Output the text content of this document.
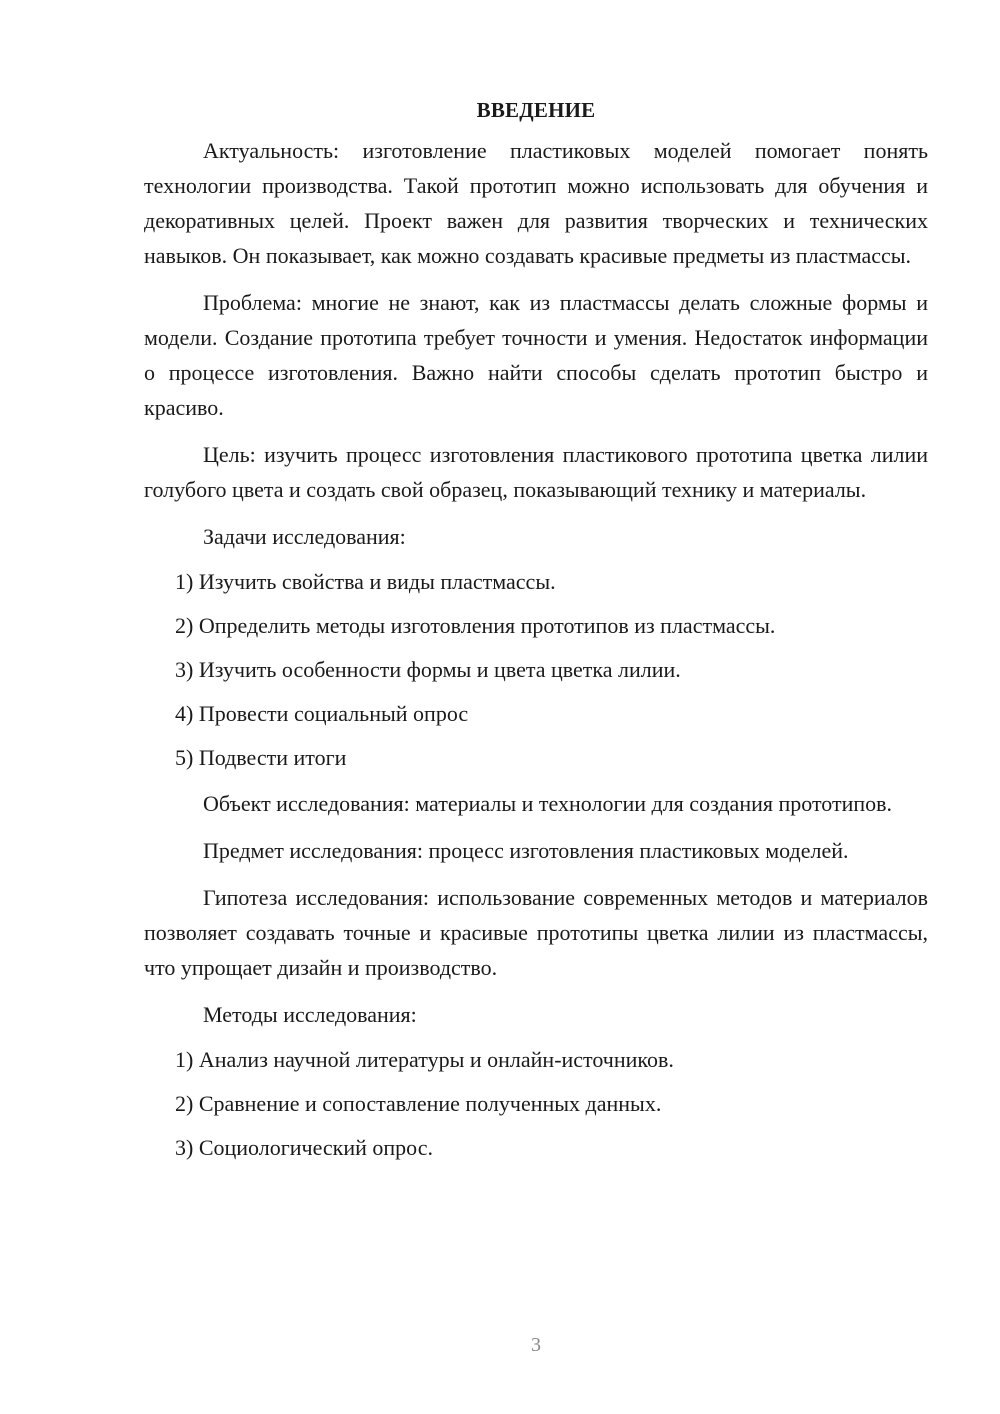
ВВЕДЕНИЕ

Актуальность: изготовление пластиковых моделей помогает понять технологии производства. Такой прототип можно использовать для обучения и декоративных целей. Проект важен для развития творческих и технических навыков. Он показывает, как можно создавать красивые предметы из пластмассы.

Проблема: многие не знают, как из пластмассы делать сложные формы и модели. Создание прототипа требует точности и умения. Недостаток информации о процессе изготовления. Важно найти способы сделать прототип быстро и красиво.

Цель: изучить процесс изготовления пластикового прототипа цветка лилии голубого цвета и создать свой образец, показывающий технику и материалы.

Задачи исследования:

1) Изучить свойства и виды пластмассы.
2) Определить методы изготовления прототипов из пластмассы.
3) Изучить особенности формы и цвета цветка лилии.
4) Провести социальный опрос
5) Подвести итоги

Объект исследования: материалы и технологии для создания прототипов.

Предмет исследования: процесс изготовления пластиковых моделей.

Гипотеза исследования: использование современных методов и материалов позволяет создавать точные и красивые прототипы цветка лилии из пластмассы, что упрощает дизайн и производство.

Методы исследования:

1) Анализ научной литературы и онлайн-источников.
2) Сравнение и сопоставление полученных данных.
3) Социологический опрос.
3
